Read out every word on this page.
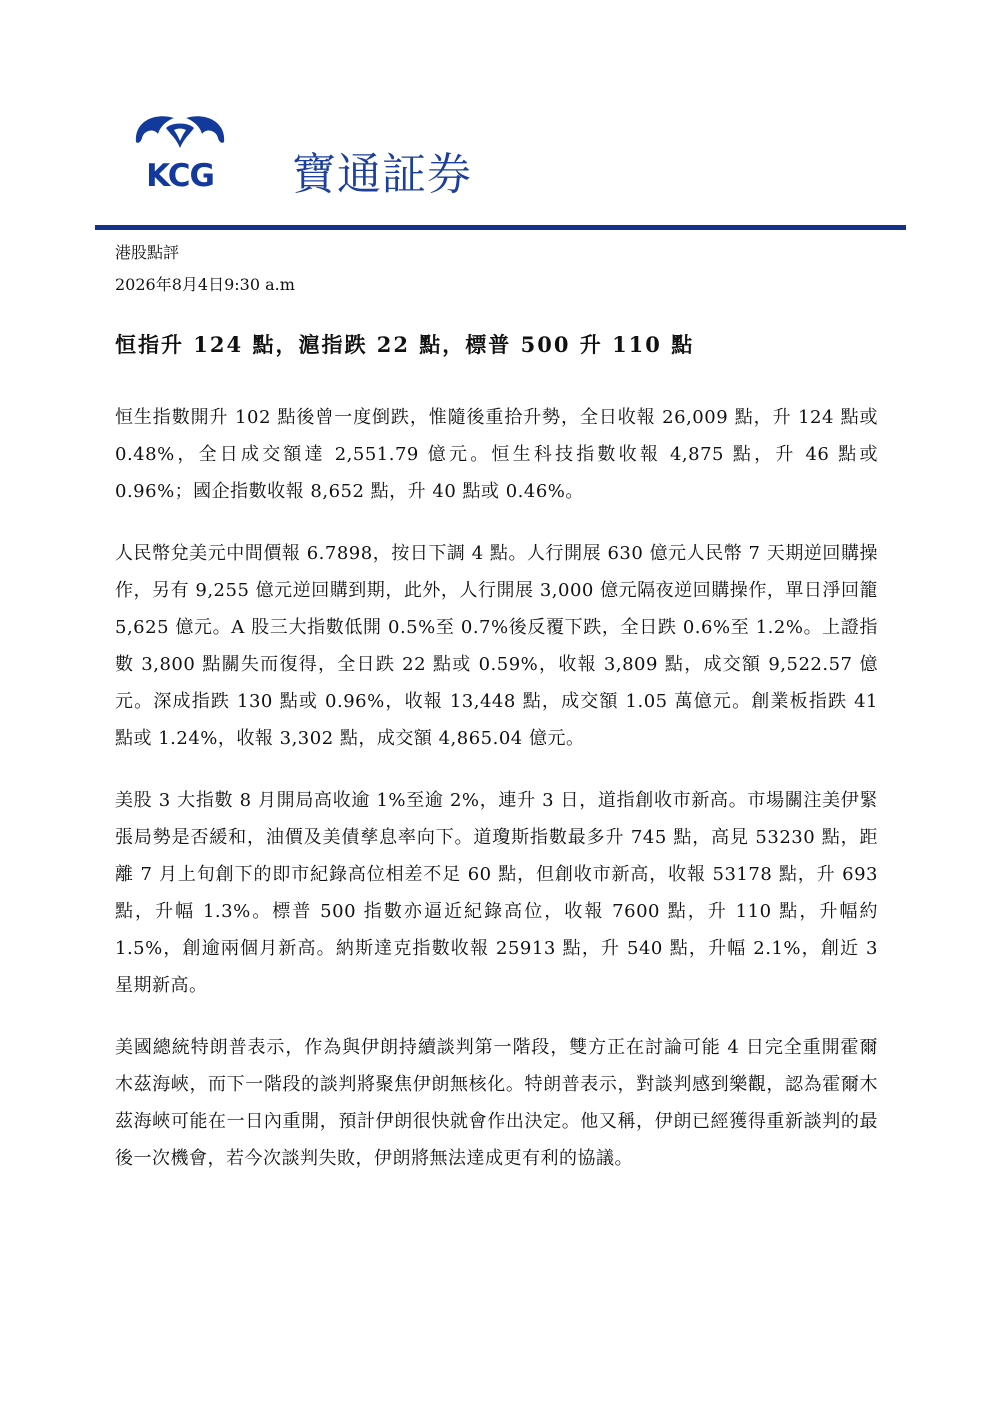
KCG	寶通証券
港股點評
2026年8月4日9:30 a.m
恒指升 124 點，滬指跌 22 點，標普 500 升 110 點

恒生指數開升 102 點後曾一度倒跌，惟隨後重拾升勢，全日收報 26,009 點，升 124 點或 0.48%，全日成交額達 2,551.79 億元。恒生科技指數收報 4,875 點，升 46 點或 0.96%；國企指數收報 8,652 點，升 40 點或 0.46%。

人民幣兌美元中間價報 6.7898，按日下調 4 點。人行開展 630 億元人民幣 7 天期逆回購操作，另有 9,255 億元逆回購到期，此外，人行開展 3,000 億元隔夜逆回購操作，單日淨回籠 5,625 億元。A 股三大指數低開 0.5%至 0.7%後反覆下跌，全日跌 0.6%至 1.2%。上證指數 3,800 點關失而復得，全日跌 22 點或 0.59%，收報 3,809 點，成交額 9,522.57 億元。深成指跌 130 點或 0.96%，收報 13,448 點，成交額 1.05 萬億元。創業板指跌 41 點或 1.24%，收報 3,302 點，成交額 4,865.04 億元。

美股 3 大指數 8 月開局高收逾 1%至逾 2%，連升 3 日，道指創收市新高。市場關注美伊緊張局勢是否緩和，油價及美債孳息率向下。道瓊斯指數最多升 745 點，高見 53230 點，距離 7 月上旬創下的即市紀錄高位相差不足 60 點，但創收市新高，收報 53178 點，升 693 點，升幅 1.3%。標普 500 指數亦逼近紀錄高位，收報 7600 點，升 110 點，升幅約 1.5%，創逾兩個月新高。納斯達克指數收報 25913 點，升 540 點，升幅 2.1%，創近 3 星期新高。

美國總統特朗普表示，作為與伊朗持續談判第一階段，雙方正在討論可能 4 日完全重開霍爾木茲海峽，而下一階段的談判將聚焦伊朗無核化。特朗普表示，對談判感到樂觀，認為霍爾木茲海峽可能在一日內重開，預計伊朗很快就會作出決定。他又稱，伊朗已經獲得重新談判的最後一次機會，若今次談判失敗，伊朗將無法達成更有利的協議。
